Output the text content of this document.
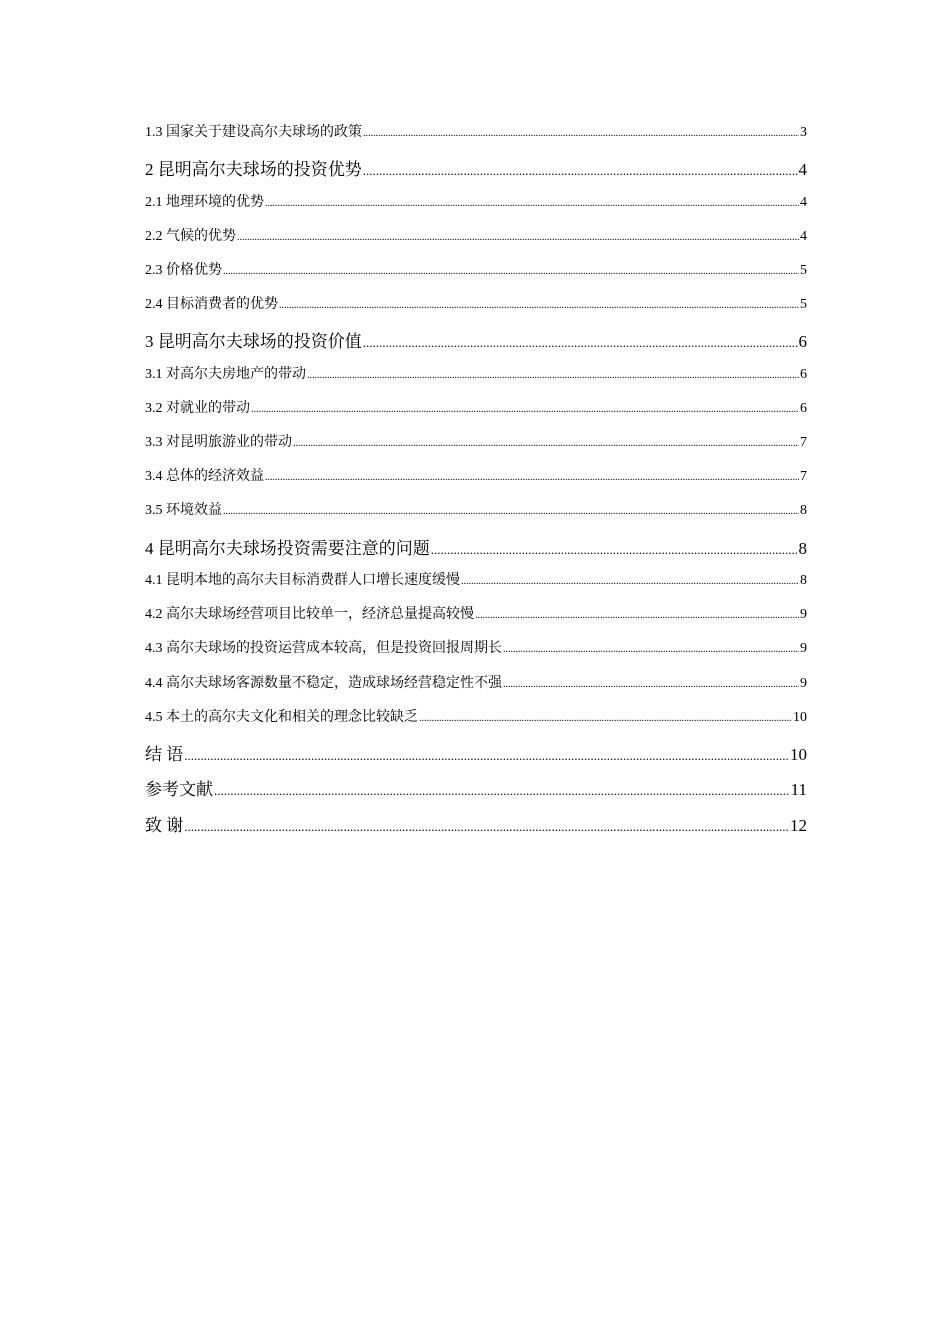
1.3 国家关于建设高尔夫球场的政策 .....	3
2 昆明高尔夫球场的投资优势 .....	4
2.1 地理环境的优势 .....	4
2.2 气候的优势 .....	4
2.3 价格优势 .....	5
2.4 目标消费者的优势 .....	5
3 昆明高尔夫球场的投资价值 .....	6
3.1 对高尔夫房地产的带动 .....	6
3.2 对就业的带动 .....	6
3.3 对昆明旅游业的带动 .....	7
3.4 总体的经济效益 .....	7
3.5 环境效益 .....	8
4 昆明高尔夫球场投资需要注意的问题 .....	8
4.1 昆明本地的高尔夫目标消费群人口增长速度缓慢 .....	8
4.2 高尔夫球场经营项目比较单一，经济总量提高较慢 .....	9
4.3 高尔夫球场的投资运营成本较高，但是投资回报周期长 .....	9
4.4 高尔夫球场客源数量不稳定，造成球场经营稳定性不强 .....	9
4.5 本土的高尔夫文化和相关的理念比较缺乏 .....	10
结 语 .....	10
参考文献 .....	11
致 谢 .....	12
